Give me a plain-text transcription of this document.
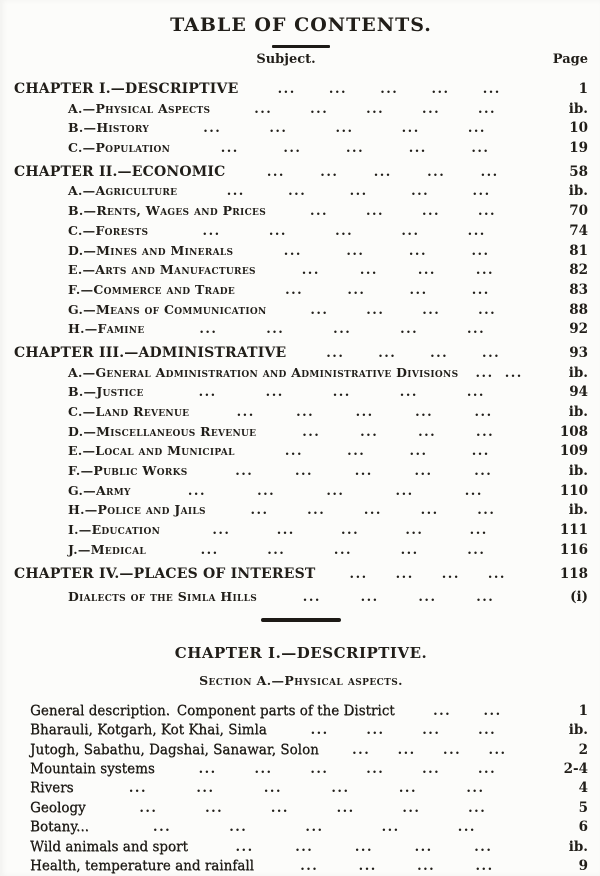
TABLE OF CONTENTS.
Subject.	Page
CHAPTER I.—DESCRIPTIVE	...	...	...	...	...	1
A.—Physical Aspects	...	...	...	...	...	ib.
B.—History	...	...	...	...	...	10
C.—Population	...	...	...	...	...	19
CHAPTER II.—ECONOMIC	...	...	...	...	...	58
A.—Agriculture	...	...	...	...	...	ib.
B.—Rents, Wages and Prices	...	...	...	...	70
C.—Forests	...	...	...	...	...	74
D.—Mines and Minerals	...	...	...	...	81
E.—Arts and Manufactures	...	...	...	...	82
F.—Commerce and Trade	...	...	...	...	83
G.—Means of Communication	...	...	...	...	88
H.—Famine	...	...	...	...	...	92
CHAPTER III.—ADMINISTRATIVE	...	...	...	...	93
A.—General Administration and Administrative Divisions ... ...	ib.
B.—Justice	...	...	...	...	...	94
C.—Land Revenue	...	...	...	...	...	ib.
D.—Miscellaneous Revenue	...	...	...	...	108
E.—Local and Municipal	...	...	...	...	109
F.—Public Works	...	...	...	...	...	ib.
G.—Army	...	...	...	...	...	110
H.—Police and Jails	...	...	...	...	...	ib.
I.—Education	...	...	...	...	...	111
J.—Medical	...	...	...	...	...	116
CHAPTER IV.—PLACES OF INTEREST	... ... ... ...	118
Dialects of the Simla Hills	...	...	...	...	(i)
CHAPTER I.—DESCRIPTIVE.
Section A.—Physical aspects.
General description. Component parts of the District	... ...	1
Bharauli, Kotgarh, Kot Khai, Simla	...	...	...	...	ib.
Jutogh, Sabathu, Dagshai, Sanawar, Solon	... ... ... ...	2
Mountain systems	...	...	...	...	...	...	2-4
Rivers	...	...	...	...	...	...	4
Geology	...	...	...	...	...	...	5
Botany...	...	...	...	...	...	6
Wild animals and sport	...	...	...	...	...	ib.
Health, temperature and rainfall	...	...	...	...	9
